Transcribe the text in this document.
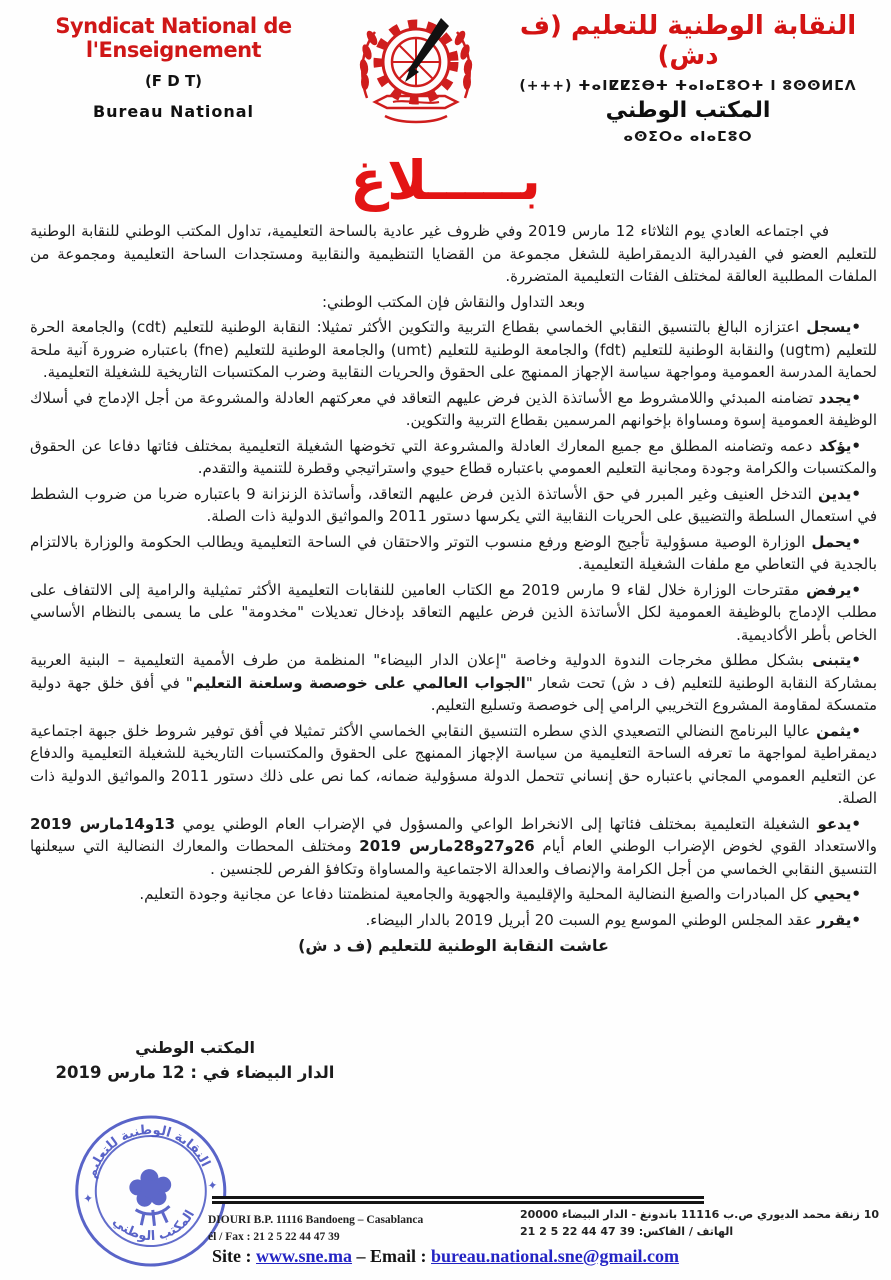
Syndicat National de l'Enseignement
(F D T)
Bureau National
النقابة الوطنية للتعليم (ف دش)
ⵜⴰⵏⵇⵇⵉⴱⵜ ⵜⴰⵏⴰⵎⵓⵔⵜ ⵏ ⵓⵙⵙⵍⵎⴷ (+++)
المكتب الوطني
ⴰⵙⵉⵔⴰ ⴰⵏⴰⵎⵓⵔ
بـــــلاغ

في اجتماعه العادي يوم الثلاثاء 12 مارس 2019 وفي ظروف غير عادية بالساحة التعليمية، تداول المكتب الوطني للنقابة الوطنية للتعليم العضو في الفيدرالية الديمقراطية للشغل مجموعة من القضايا التنظيمية والنقابية ومستجدات الساحة التعليمية ومجموعة من الملفات المطلبية العالقة لمختلف الفئات التعليمية المتضررة.

وبعد التداول والنقاش فإن المكتب الوطني:

•يسجل اعتزازه البالغ بالتنسيق النقابي الخماسي بقطاع التربية والتكوين الأكثر تمثيلا: النقابة الوطنية للتعليم (cdt) والجامعة الحرة للتعليم (ugtm) والنقابة الوطنية للتعليم (fdt) والجامعة الوطنية للتعليم (umt) والجامعة الوطنية للتعليم (fne) باعتباره ضرورة آنية ملحة لحماية المدرسة العمومية ومواجهة سياسة الإجهاز الممنهج على الحقوق والحريات النقابية وضرب المكتسبات التاريخية للشغيلة التعليمية.

•يجدد تضامنه المبدئي واللامشروط مع الأساتذة الذين فرض عليهم التعاقد في معركتهم العادلة والمشروعة من أجل الإدماج في أسلاك الوظيفة العمومية إسوة ومساواة بإخوانهم المرسمين بقطاع التربية والتكوين.

•يؤكد دعمه وتضامنه المطلق مع جميع المعارك العادلة والمشروعة التي تخوضها الشغيلة التعليمية بمختلف فئاتها دفاعا عن الحقوق والمكتسبات والكرامة وجودة ومجانية التعليم العمومي باعتباره قطاع حيوي واستراتيجي وقطرة للتنمية والتقدم.

•يدين التدخل العنيف وغير المبرر في حق الأساتذة الذين فرض عليهم التعاقد، وأساتذة الزنزانة 9 باعتباره ضربا من ضروب الشطط في استعمال السلطة والتضييق على الحريات النقابية التي يكرسها دستور 2011 والمواثيق الدولية ذات الصلة.

•يحمل الوزارة الوصية مسؤولية تأجيج الوضع ورفع منسوب التوتر والاحتقان في الساحة التعليمية ويطالب الحكومة والوزارة بالالتزام بالجدية في التعاطي مع ملفات الشغيلة التعليمية.

•يرفض مقترحات الوزارة خلال لقاء 9 مارس 2019 مع الكتاب العامين للنقابات التعليمية الأكثر تمثيلية والرامية إلى الالتفاف على مطلب الإدماج بالوظيفة العمومية لكل الأساتذة الذين فرض عليهم التعاقد بإدخال تعديلات "مخدومة" على ما يسمى بالنظام الأساسي الخاص بأطر الأكاديمية.

•يتبنى بشكل مطلق مخرجات الندوة الدولية وخاصة "إعلان الدار البيضاء" المنظمة من طرف الأممية التعليمية – البنية العربية بمشاركة النقابة الوطنية للتعليم (ف د ش) تحت شعار "الجواب العالمي على خوصصة وسلعنة التعليم" في أفق خلق جهة دولية متمسكة لمقاومة المشروع التخريبي الرامي إلى خوصصة وتسليع التعليم.

•يثمن عاليا البرنامج النضالي التصعيدي الذي سطره التنسيق النقابي الخماسي الأكثر تمثيلا في أفق توفير شروط خلق جبهة اجتماعية ديمقراطية لمواجهة ما تعرفه الساحة التعليمية من سياسة الإجهاز الممنهج على الحقوق والمكتسبات التاريخية للشغيلة التعليمية والدفاع عن التعليم العمومي المجاني باعتباره حق إنساني تتحمل الدولة مسؤولية ضمانه، كما نص على ذلك دستور 2011 والمواثيق الدولية ذات الصلة.

•يدعو الشغيلة التعليمية بمختلف فئاتها إلى الانخراط الواعي والمسؤول في الإضراب العام الوطني يومي 13و14مارس 2019 والاستعداد القوي لخوض الإضراب الوطني العام أيام 26و27و28مارس 2019 ومختلف المحطات والمعارك النضالية التي سيعلنها التنسيق النقابي الخماسي من أجل الكرامة والإنصاف والعدالة الاجتماعية والمساواة وتكافؤ الفرص للجنسين .

•يحيي كل المبادرات والصيغ النضالية المحلية والإقليمية والجهوية والجامعية لمنظمتنا دفاعا عن مجانية وجودة التعليم.

•يقرر عقد المجلس الوطني الموسع يوم السبت 20 أبريل 2019 بالدار البيضاء.

عاشت النقابة الوطنية للتعليم (ف د ش)

المكتب الوطني
الدار البيضاء في : 12 مارس 2019
النقابة الوطنية للتعليم
المكتب الوطني
✦
✦
DIOURI B.P. 11116 Bandoeng – Casablanca
él / Fax : 21 2 5 22 44 47 39
10 زنقة محمد الديوري ص.ب 11116 باندونغ - الدار البيضاء 20000
الهاتف / الفاكس: 39 47 44 22 5 2 21
Site : www.sne.ma – Email : bureau.national.sne@gmail.com
